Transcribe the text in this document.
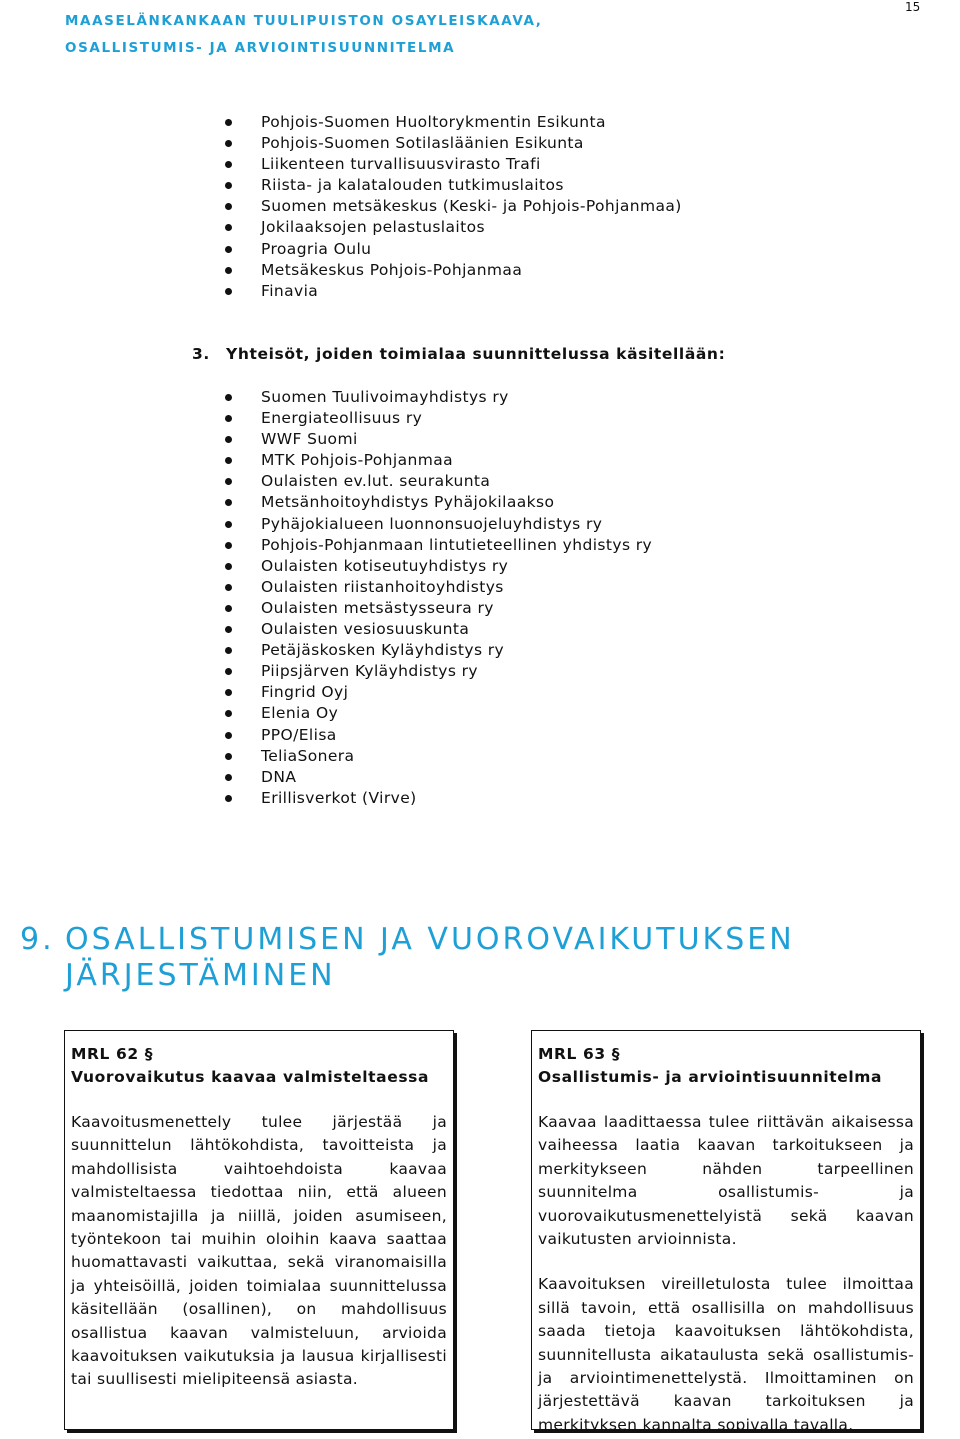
MAASELÄNKANKAAN TUULIPUISTON OSAYLEISKAAVA,
OSALLISTUMIS- JA ARVIOINTISUUNNITELMA
15
Pohjois-Suomen Huoltorykmentin Esikunta
Pohjois-Suomen Sotilasläänien Esikunta
Liikenteen turvallisuusvirasto Trafi
Riista- ja kalatalouden tutkimuslaitos
Suomen metsäkeskus (Keski- ja Pohjois-Pohjanmaa)
Jokilaaksojen pelastuslaitos
Proagria Oulu
Metsäkeskus Pohjois-Pohjanmaa
Finavia
3. Yhteisöt, joiden toimialaa suunnittelussa käsitellään:
Suomen Tuulivoimayhdistys ry
Energiateollisuus ry
WWF Suomi
MTK Pohjois-Pohjanmaa
Oulaisten ev.lut. seurakunta
Metsänhoitoyhdistys Pyhäjokilaakso
Pyhäjokialueen luonnonsuojeluyhdistys ry
Pohjois-Pohjanmaan lintutieteellinen yhdistys ry
Oulaisten kotiseutuyhdistys ry
Oulaisten riistanhoitoyhdistys
Oulaisten metsästysseura ry
Oulaisten vesiosuuskunta
Petäjäskosken Kyläyhdistys ry
Piipsjärven Kyläyhdistys ry
Fingrid Oyj
Elenia Oy
PPO/Elisa
TeliaSonera
DNA
Erillisverkot (Virve)
9. OSALLISTUMISEN JA VUOROVAIKUTUKSEN JÄRJESTÄMINEN
MRL 62 §
Vuorovaikutus kaavaa valmisteltaessa

Kaavoitusmenettely tulee järjestää ja suunnittelun lähtökohdista, tavoitteista ja mahdollisista vaihtoehdoista kaavaa valmisteltaessa tiedottaa niin, että alueen maanomistajilla ja niillä, joiden asumiseen, työntekoon tai muihin oloihin kaava saattaa huomattavasti vaikuttaa, sekä viranomaisilla ja yhteisöillä, joiden toimialaa suunnittelussa käsitellään (osallinen), on mahdollisuus osallistua kaavan valmisteluun, arvioida kaavoituksen vaikutuksia ja lausua kirjallisesti tai suullisesti mielipiteensä asiasta.

MRL 63 §
Osallistumis- ja arviointisuunnitelma

Kaavaa laadittaessa tulee riittävän aikaisessa vaiheessa laatia kaavan tarkoitukseen ja merkitykseen nähden tarpeellinen suunnitelma osallistumis- ja vuorovaikutusmenettelyistä sekä kaavan vaikutusten arvioinnista.

Kaavoituksen vireilletulosta tulee ilmoittaa sillä tavoin, että osallisilla on mahdollisuus saada tietoja kaavoituksen lähtökohdista, suunnitellusta aikataulusta sekä osallistumis- ja arviointimenettelystä. Ilmoittaminen on järjestettävä kaavan tarkoituksen ja merkityksen kannalta sopivalla tavalla.
